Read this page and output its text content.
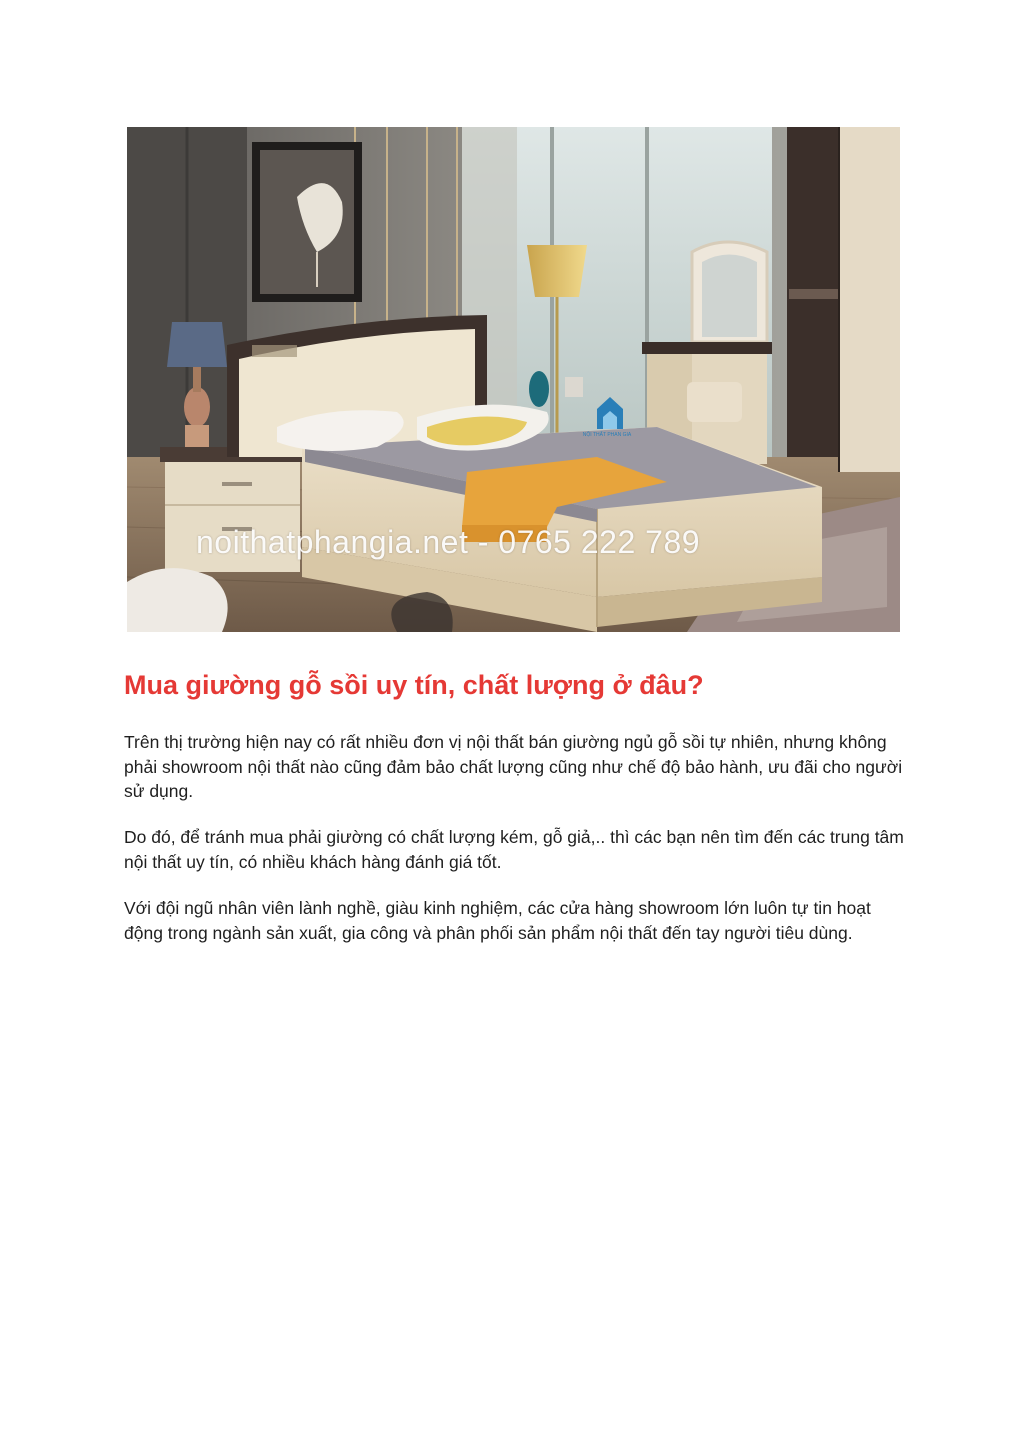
noithatphangia.net - 0765 222 789
NỘI THẤT PHAN GIA
Mua giường gỗ sồi uy tín, chất lượng ở đâu?

Trên thị trường hiện nay có rất nhiều đơn vị nội thất bán giường ngủ gỗ sồi tự nhiên, nhưng không phải showroom nội thất nào cũng đảm bảo chất lượng cũng như chế độ bảo hành, ưu đãi cho người sử dụng.

Do đó, để tránh mua phải giường có chất lượng kém, gỗ giả,.. thì các bạn nên tìm đến các trung tâm nội thất uy tín, có nhiều khách hàng đánh giá tốt.

Với đội ngũ nhân viên lành nghề, giàu kinh nghiệm, các cửa hàng showroom lớn luôn tự tin hoạt động trong ngành sản xuất, gia công và phân phối sản phẩm nội thất đến tay người tiêu dùng.
